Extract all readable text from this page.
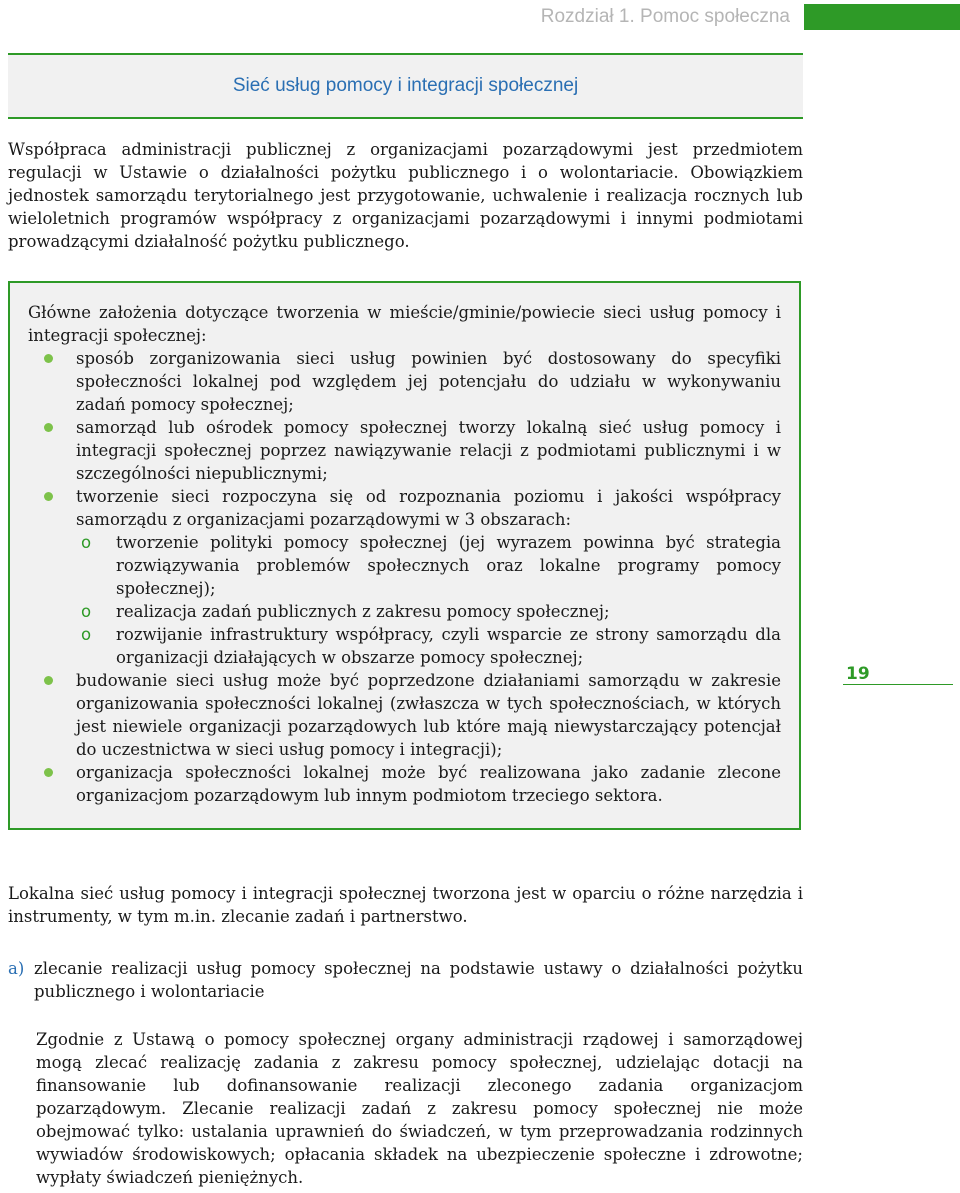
Rozdział 1. Pomoc społeczna
Sieć usług pomocy i integracji społecznej

Współpraca administracji publicznej z organizacjami pozarządowymi jest przedmiotem regulacji w Ustawie o działalności pożytku publicznego i o wolontariacie. Obowiązkiem jednostek samorządu terytorialnego jest przygotowanie, uchwalenie i realizacja rocznych lub wieloletnich programów współpracy z organizacjami pozarządowymi i innymi podmiotami prowadzącymi działalność pożytku publicznego.

Główne założenia dotyczące tworzenia w mieście/gminie/powiecie sieci usług pomocy i integracji społecznej:

sposób zorganizowania sieci usług powinien być dostosowany do specyfiki społeczności lokalnej pod względem jej potencjału do udziału w wykonywaniu zadań pomocy społecznej;
samorząd lub ośrodek pomocy społecznej tworzy lokalną sieć usług pomocy i integracji społecznej poprzez nawiązywanie relacji z podmiotami publicznymi i w szczególności niepublicznymi;
tworzenie sieci rozpoczyna się od rozpoznania poziomu i jakości współpracy samorządu z organizacjami pozarządowymi w 3 obszarach:
o tworzenie polityki pomocy społecznej (jej wyrazem powinna być strategia rozwiązywania problemów społecznych oraz lokalne programy pomocy społecznej);
o realizacja zadań publicznych z zakresu pomocy społecznej;
o rozwijanie infrastruktury współpracy, czyli wsparcie ze strony samorządu dla organizacji działających w obszarze pomocy społecznej;
budowanie sieci usług może być poprzedzone działaniami samorządu w zakresie organizowania społeczności lokalnej (zwłaszcza w tych społecznościach, w których jest niewiele organizacji pozarządowych lub które mają niewystarczający potencjał do uczestnictwa w sieci usług pomocy i integracji);
organizacja społeczności lokalnej może być realizowana jako zadanie zlecone organizacjom pozarządowym lub innym podmiotom trzeciego sektora.
19

Lokalna sieć usług pomocy i integracji społecznej tworzona jest w oparciu o różne narzędzia i instrumenty, w tym m.in. zlecanie zadań i partnerstwo.

a) zlecanie realizacji usług pomocy społecznej na podstawie ustawy o działalności pożytku publicznego i wolontariacie

Zgodnie z Ustawą o pomocy społecznej organy administracji rządowej i samorządowej mogą zlecać realizację zadania z zakresu pomocy społecznej, udzielając dotacji na finansowanie lub dofinansowanie realizacji zleconego zadania organizacjom pozarządowym. Zlecanie realizacji zadań z zakresu pomocy społecznej nie może obejmować tylko: ustalania uprawnień do świadczeń, w tym przeprowadzania rodzinnych wywiadów środowiskowych; opłacania składek na ubezpieczenie społeczne i zdrowotne; wypłaty świadczeń pieniężnych.
